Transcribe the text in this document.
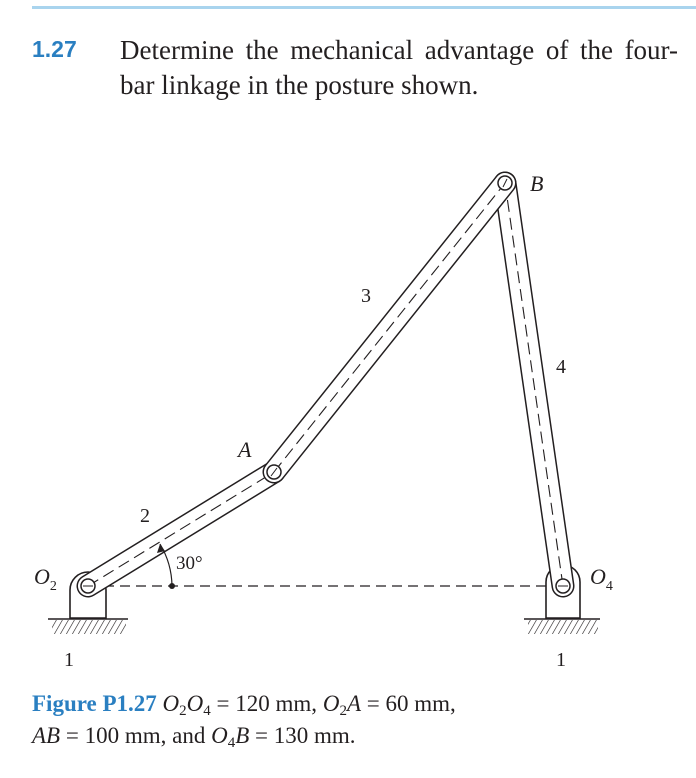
1.27 Determine the mechanical advantage of the four-bar linkage in the posture shown.
$O_2$	$O_4$
A
B
2
3
4
1	1
30°
Figure P1.27 $O_2O_4 = 120$ mm, $O_2A = 60$ mm,
AB = 100 mm, and $O_4B = 130$ mm.
